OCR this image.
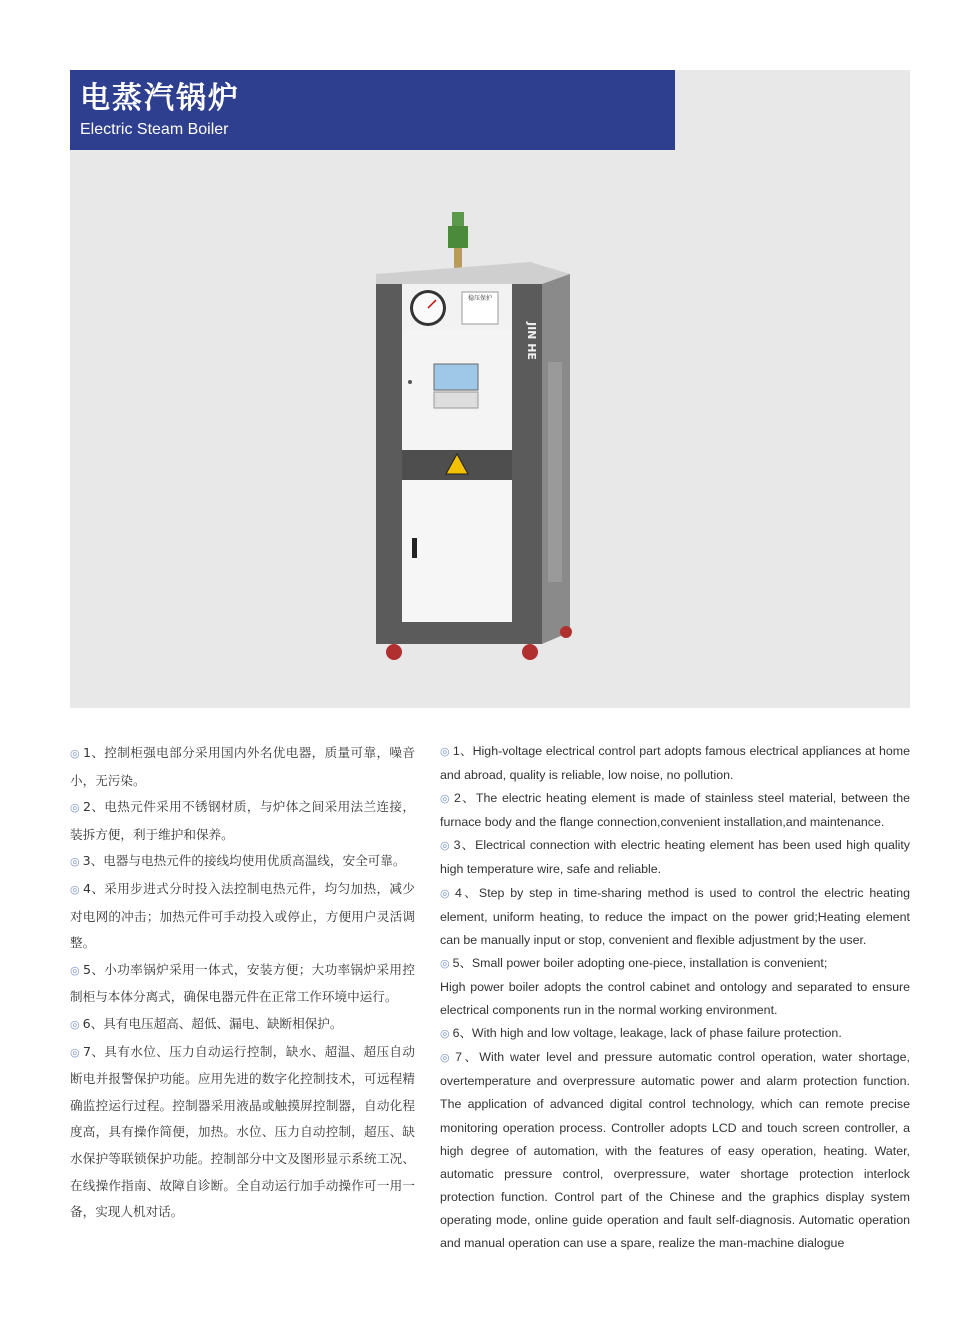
电蒸汽锅炉
Electric Steam Boiler
稳压保护
JIN HE

◎ 1、控制柜强电部分采用国内外名优电器，质量可靠，噪音小，无污染。

◎ 2、电热元件采用不锈钢材质，与炉体之间采用法兰连接，装拆方便，利于维护和保养。

◎ 3、电器与电热元件的接线均使用优质高温线，安全可靠。

◎ 4、采用步进式分时投入法控制电热元件，均匀加热，减少对电网的冲击；加热元件可手动投入或停止，方便用户灵活调整。

◎ 5、小功率锅炉采用一体式，安装方便；大功率锅炉采用控制柜与本体分离式，确保电器元件在正常工作环境中运行。

◎ 6、具有电压超高、超低、漏电、缺断相保护。

◎ 7、具有水位、压力自动运行控制，缺水、超温、超压自动断电并报警保护功能。应用先进的数字化控制技术，可远程精确监控运行过程。控制器采用液晶或触摸屏控制器，自动化程度高，具有操作简便，加热。水位、压力自动控制，超压、缺水保护等联锁保护功能。控制部分中文及图形显示系统工况、在线操作指南、故障自诊断。全自动运行加手动操作可一用一备，实现人机对话。

◎ 1、High-voltage electrical control part adopts famous electrical appliances at home and abroad, quality is reliable, low noise, no pollution.

◎ 2、The electric heating element is made of stainless steel material, between the furnace body and the flange connection,convenient installation,and maintenance.

◎ 3、Electrical connection with electric heating element has been used high quality high temperature wire, safe and reliable.

◎ 4、Step by step in time-sharing method is used to control the electric heating element, uniform heating, to reduce the impact on the power grid;Heating element can be manually input or stop, convenient and flexible adjustment by the user.

◎ 5、Small power boiler adopting one-piece, installation is convenient;

High power boiler adopts the control cabinet and ontology and separated to ensure electrical components run in the normal working environment.

◎ 6、With high and low voltage, leakage, lack of phase failure protection.

◎ 7、With water level and pressure automatic control operation, water shortage, overtemperature and overpressure automatic power and alarm protection function. The application of advanced digital control technology, which can remote precise monitoring operation process. Controller adopts LCD and touch screen controller, a high degree of automation, with the features of easy operation, heating. Water, automatic pressure control, overpressure, water shortage protection interlock protection function. Control part of the Chinese and the graphics display system operating mode, online guide operation and fault self-diagnosis. Automatic operation and manual operation can use a spare, realize the man-machine dialogue
